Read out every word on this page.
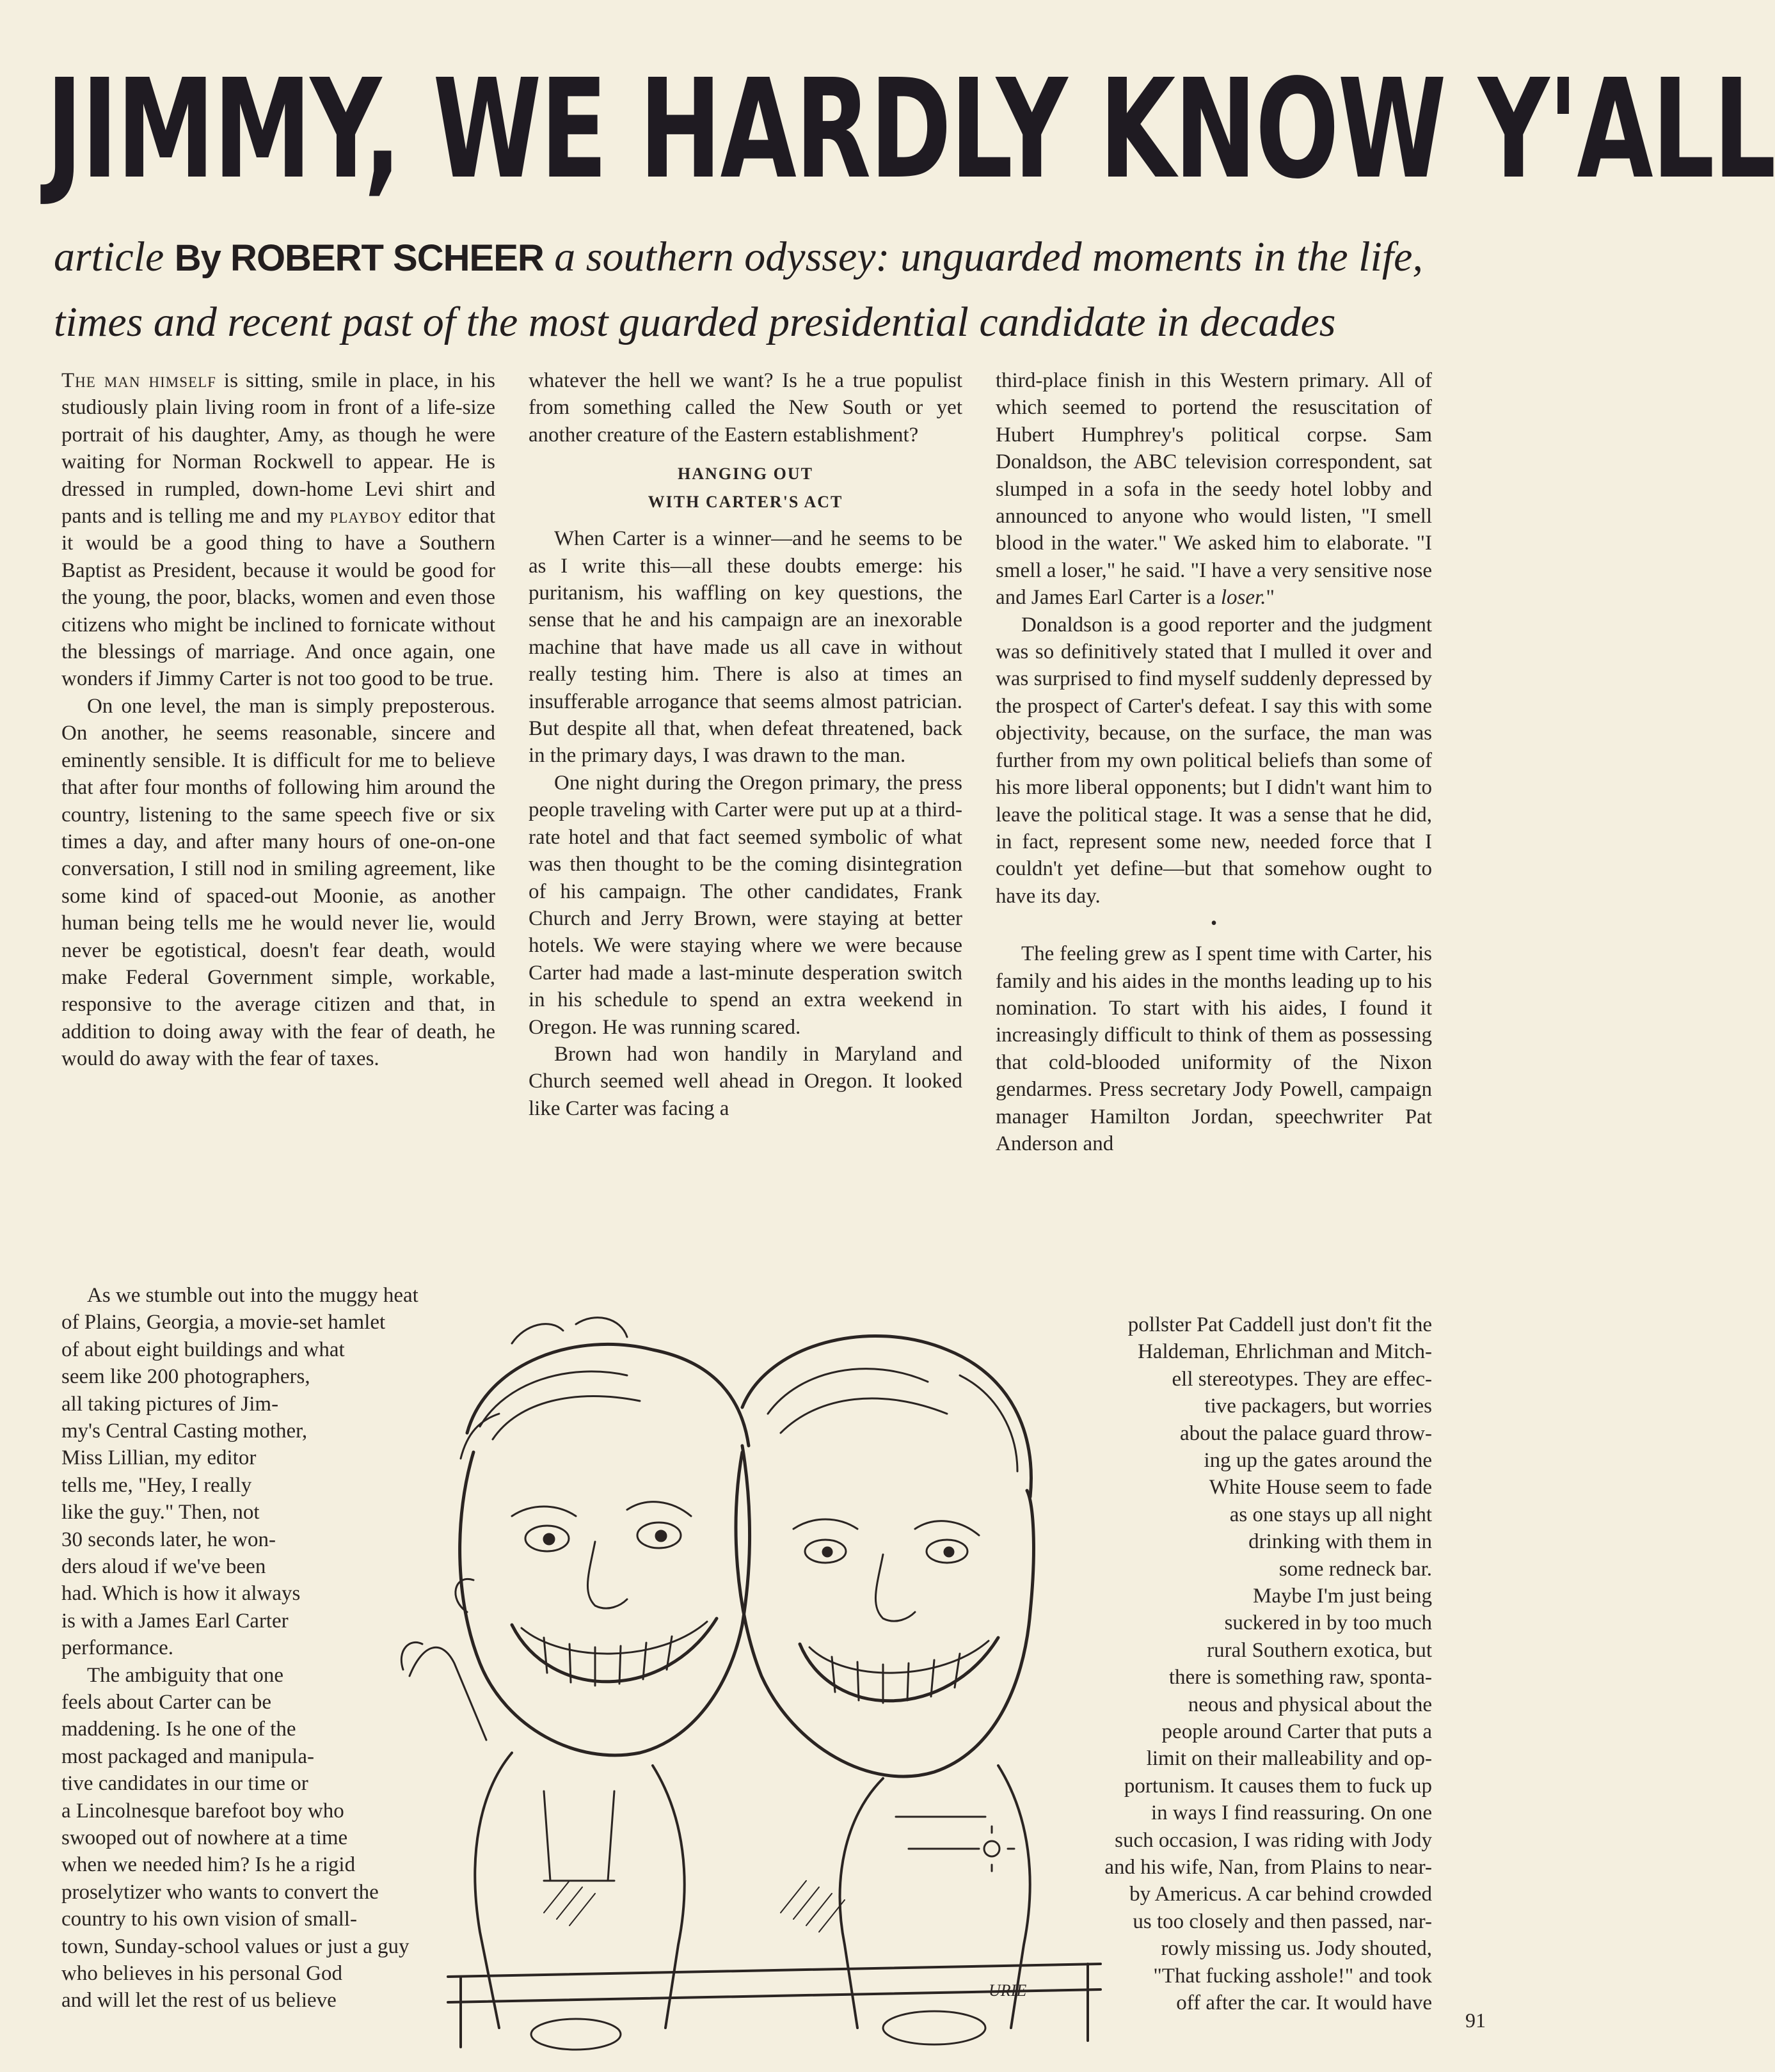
JIMMY, WE HARDLY KNOW Y'ALL
article By ROBERT SCHEER a southern odyssey: unguarded moments in the life,
times and recent past of the most guarded presidential candidate in decades

The man himself is sitting, smile in place, in his studiously plain living room in front of a life-size portrait of his daughter, Amy, as though he were waiting for Norman Rockwell to appear. He is dressed in rumpled, down-home Levi shirt and pants and is telling me and my playboy editor that it would be a good thing to have a Southern Baptist as President, because it would be good for the young, the poor, blacks, women and even those citizens who might be inclined to fornicate without the blessings of marriage. And once again, one wonders if Jimmy Carter is not too good to be true.

On one level, the man is simply preposterous. On another, he seems reasonable, sincere and eminently sensible. It is difficult for me to believe that after four months of following him around the country, listening to the same speech five or six times a day, and after many hours of one-on-one conversation, I still nod in smiling agreement, like some kind of spaced-out Moonie, as another human being tells me he would never lie, would never be egotistical, doesn't fear death, would make Federal Government simple, workable, responsive to the average citizen and that, in addition to doing away with the fear of death, he would do away with the fear of taxes.

As we stumble out into the muggy heat
of Plains, Georgia, a movie-set hamlet
of about eight buildings and what
seem like 200 photographers,
all taking pictures of Jim-
my's Central Casting mother,
Miss Lillian, my editor
tells me, "Hey, I really
like the guy." Then, not
30 seconds later, he won-
ders aloud if we've been
had. Which is how it always
is with a James Earl Carter
performance.
The ambiguity that one
feels about Carter can be
maddening. Is he one of the
most packaged and manipula-
tive candidates in our time or
a Lincolnesque barefoot boy who
swooped out of nowhere at a time
when we needed him? Is he a rigid
proselytizer who wants to convert the
country to his own vision of small-
town, Sunday-school values or just a guy
who believes in his personal God
and will let the rest of us believe

whatever the hell we want? Is he a true populist from something called the New South or yet another creature of the Eastern establishment?

HANGING OUT
WITH CARTER'S ACT

When Carter is a winner—and he seems to be as I write this—all these doubts emerge: his puritanism, his waffling on key questions, the sense that he and his campaign are an inexorable machine that have made us all cave in without really testing him. There is also at times an insufferable arrogance that seems almost patrician. But despite all that, when defeat threatened, back in the primary days, I was drawn to the man.

One night during the Oregon primary, the press people traveling with Carter were put up at a third-rate hotel and that fact seemed symbolic of what was then thought to be the coming disintegration of his campaign. The other candidates, Frank Church and Jerry Brown, were staying at better hotels. We were staying where we were because Carter had made a last-minute desperation switch in his schedule to spend an extra weekend in Oregon. He was running scared.

Brown had won handily in Maryland and Church seemed well ahead in Oregon. It looked like Carter was facing a

third-place finish in this Western primary. All of which seemed to portend the resuscitation of Hubert Humphrey's political corpse. Sam Donaldson, the ABC television correspondent, sat slumped in a sofa in the seedy hotel lobby and announced to anyone who would listen, "I smell blood in the water." We asked him to elaborate. "I smell a loser," he said. "I have a very sensitive nose and James Earl Carter is a loser."

Donaldson is a good reporter and the judgment was so definitively stated that I mulled it over and was surprised to find myself suddenly depressed by the prospect of Carter's defeat. I say this with some objectivity, because, on the surface, the man was further from my own political beliefs than some of his more liberal opponents; but I didn't want him to leave the political stage. It was a sense that he did, in fact, represent some new, needed force that I couldn't yet define—but that somehow ought to have its day.

•

The feeling grew as I spent time with Carter, his family and his aides in the months leading up to his nomination. To start with his aides, I found it increasingly difficult to think of them as possessing that cold-blooded uniformity of the Nixon gendarmes. Press secretary Jody Powell, campaign manager Hamilton Jordan, speechwriter Pat Anderson and

pollster Pat Caddell just don't fit the
Haldeman, Ehrlichman and Mitch-
ell stereotypes. They are effec-
tive packagers, but worries
about the palace guard throw-
ing up the gates around the
White House seem to fade
as one stays up all night
drinking with them in
some redneck bar.
Maybe I'm just being
suckered in by too much
rural Southern exotica, but
there is something raw, sponta-
neous and physical about the
people around Carter that puts a
limit on their malleability and op-
portunism. It causes them to fuck up
in ways I find reassuring. On one
such occasion, I was riding with Jody
and his wife, Nan, from Plains to near-
by Americus. A car behind crowded
us too closely and then passed, nar-
rowly missing us. Jody shouted,
"That fucking asshole!" and took
off after the car. It would have
URIE
91
